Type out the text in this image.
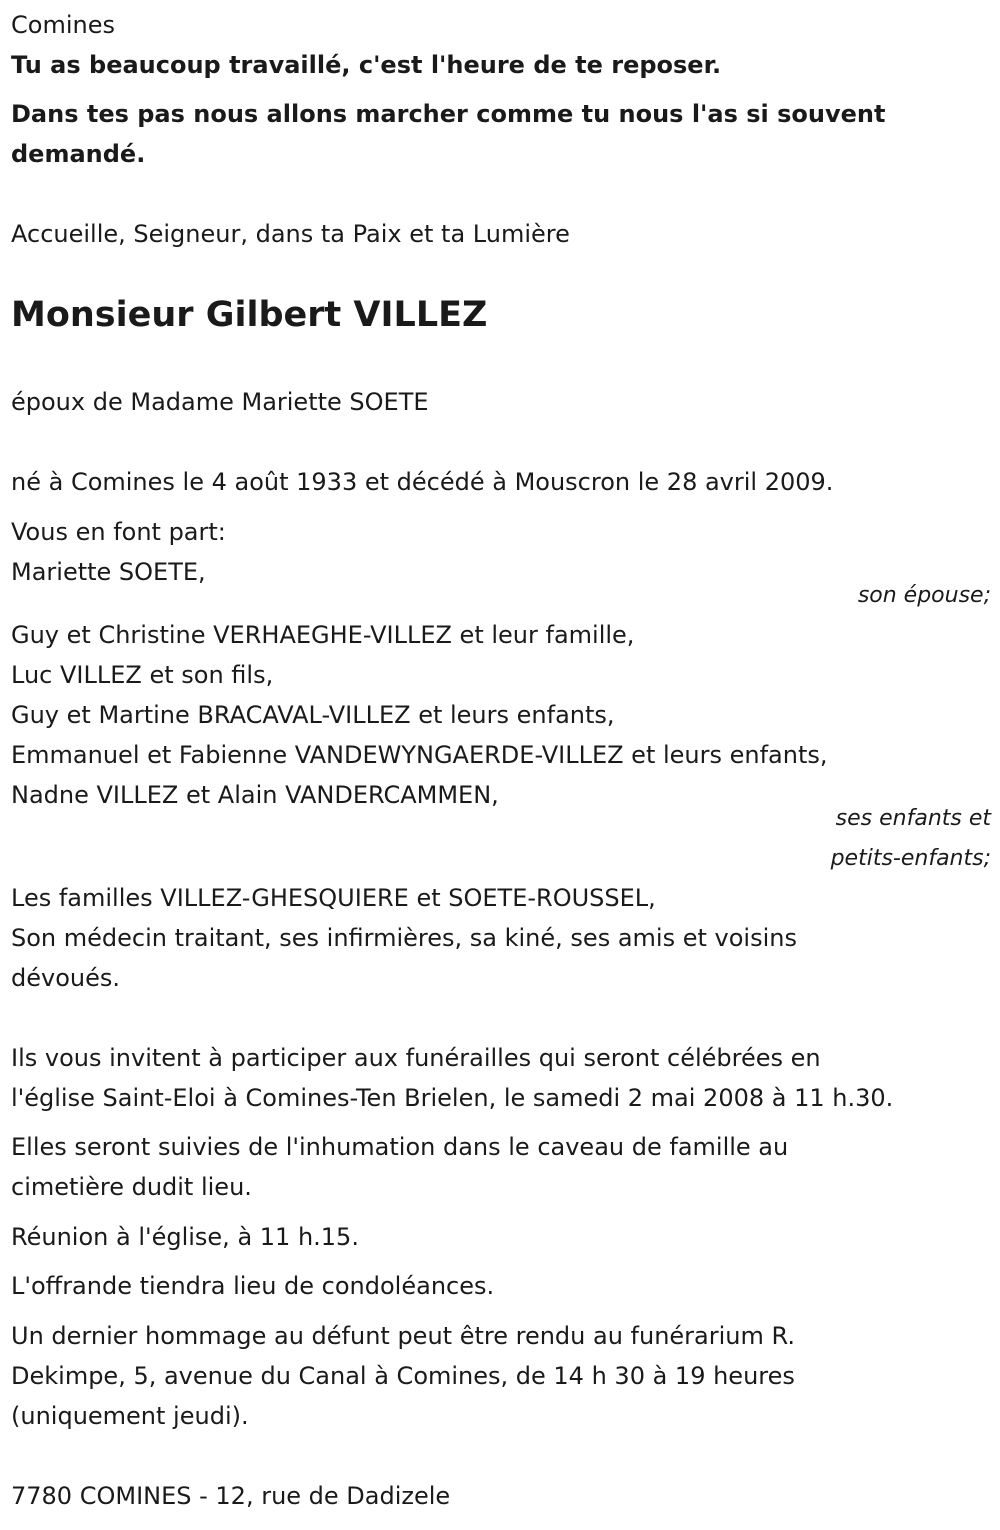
Comines

Tu as beaucoup travaillé, c'est l'heure de te reposer.

Dans tes pas nous allons marcher comme tu nous l'as si souvent

demandé.

Accueille, Seigneur, dans ta Paix et ta Lumière

Monsieur Gilbert VILLEZ

époux de Madame Mariette SOETE

né à Comines le 4 août 1933 et décédé à Mouscron le 28 avril 2009.

Vous en font part:

Mariette SOETE,

son épouse;

Guy et Christine VERHAEGHE-VILLEZ et leur famille,

Luc VILLEZ et son fils,

Guy et Martine BRACAVAL-VILLEZ et leurs enfants,

Emmanuel et Fabienne VANDEWYNGAERDE-VILLEZ et leurs enfants,

Nadne VILLEZ et Alain VANDERCAMMEN,

ses enfants et

petits-enfants;

Les familles VILLEZ-GHESQUIERE et SOETE-ROUSSEL,

Son médecin traitant, ses infirmières, sa kiné, ses amis et voisins

dévoués.

Ils vous invitent à participer aux funérailles qui seront célébrées en

l'église Saint-Eloi à Comines-Ten Brielen, le samedi 2 mai 2008 à 11 h.30.

Elles seront suivies de l'inhumation dans le caveau de famille au

cimetière dudit lieu.

Réunion à l'église, à 11 h.15.

L'offrande tiendra lieu de condoléances.

Un dernier hommage au défunt peut être rendu au funérarium R.

Dekimpe, 5, avenue du Canal à Comines, de 14 h 30 à 19 heures

(uniquement jeudi).

7780 COMINES - 12, rue de Dadizele
